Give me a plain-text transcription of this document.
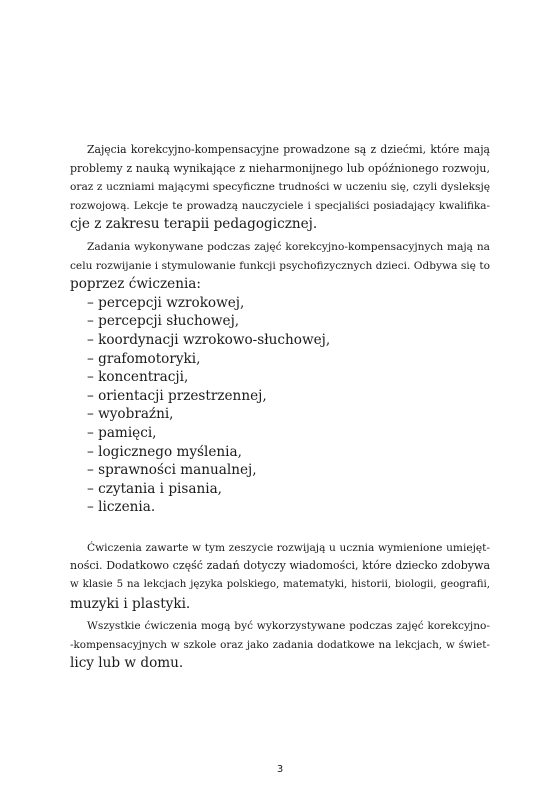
Zajęcia korekcyjno-kompensacyjne prowadzone są z dziećmi, które mają
problemy z nauką wynikające z nieharmonijnego lub opóźnionego rozwoju,
oraz z uczniami mającymi specyficzne trudności w uczeniu się, czyli dysleksję
rozwojową. Lekcje te prowadzą nauczyciele i specjaliści posiadający kwalifika-
cje z zakresu terapii pedagogicznej.
Zadania wykonywane podczas zajęć korekcyjno-kompensacyjnych mają na
celu rozwijanie i stymulowanie funkcji psychofizycznych dzieci. Odbywa się to
poprzez ćwiczenia:
– percepcji wzrokowej,
– percepcji słuchowej,
– koordynacji wzrokowo-słuchowej,
– grafomotoryki,
– koncentracji,
– orientacji przestrzennej,
– wyobraźni,
– pamięci,
– logicznego myślenia,
– sprawności manualnej,
– czytania i pisania,
– liczenia.
Ćwiczenia zawarte w tym zeszycie rozwijają u ucznia wymienione umiejęt-
ności. Dodatkowo część zadań dotyczy wiadomości, które dziecko zdobywa
w klasie 5 na lekcjach języka polskiego, matematyki, historii, biologii, geografii,
muzyki i plastyki.
Wszystkie ćwiczenia mogą być wykorzystywane podczas zajęć korekcyjno-
-kompensacyjnych w szkole oraz jako zadania dodatkowe na lekcjach, w świet-
licy lub w domu.
3
